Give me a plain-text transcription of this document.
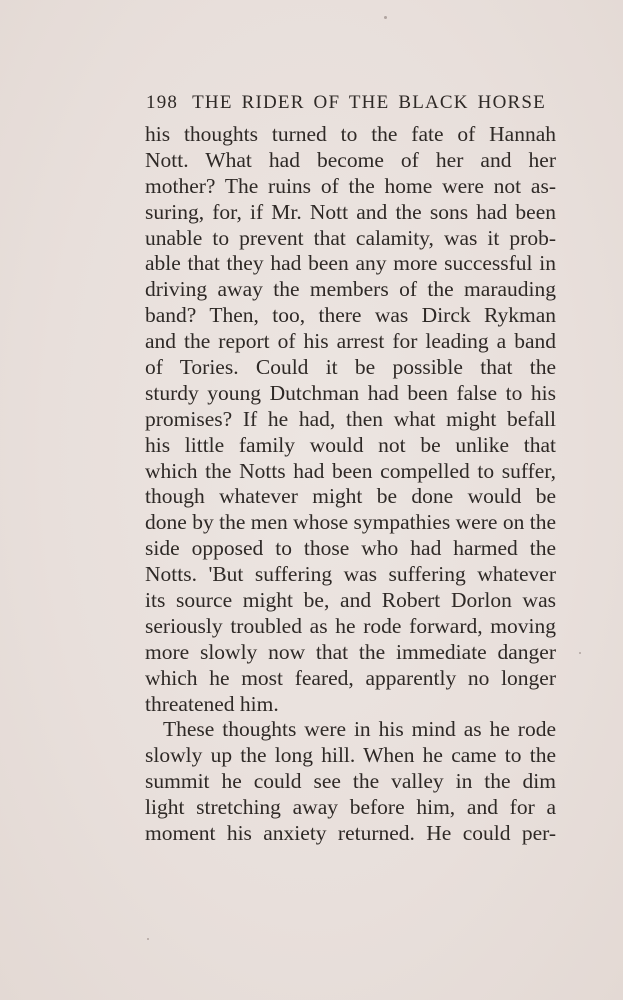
198 THE RIDER OF THE BLACK HORSE
his thoughts turned to the fate of Hannah
Nott. What had become of her and her
mother? The ruins of the home were not as-
suring, for, if Mr. Nott and the sons had been
unable to prevent that calamity, was it prob-
able that they had been any more successful in
driving away the members of the marauding
band? Then, too, there was Dirck Rykman
and the report of his arrest for leading a band
of Tories. Could it be possible that the
sturdy young Dutchman had been false to his
promises? If he had, then what might befall
his little family would not be unlike that
which the Notts had been compelled to suffer,
though whatever might be done would be
done by the men whose sympathies were on the
side opposed to those who had harmed the
Notts. 'But suffering was suffering whatever
its source might be, and Robert Dorlon was
seriously troubled as he rode forward, moving
more slowly now that the immediate danger
which he most feared, apparently no longer
threatened him.
These thoughts were in his mind as he rode
slowly up the long hill. When he came to the
summit he could see the valley in the dim
light stretching away before him, and for a
moment his anxiety returned. He could per-
